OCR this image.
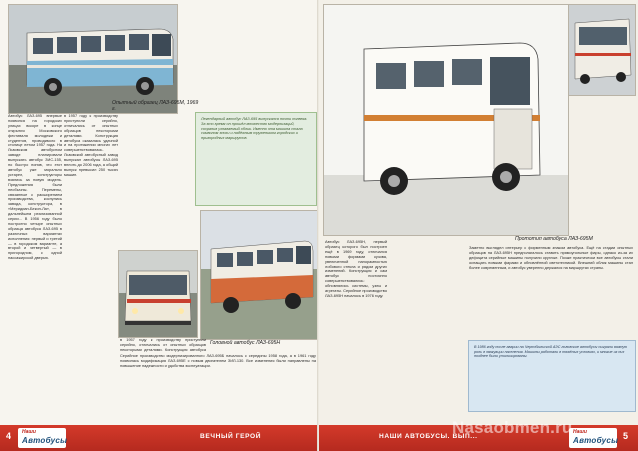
Автобус ЛАЗ-695 впервые появился на городских улицах вскоре в конце открытия Московского фестиваля молодежи и студентов, проводимого в столице летом 1957 года. На Львовском автобусном заводе планировали выпускать автобус ЗИС-155, но быстро поняв, что этот автобус уже морально устарел, конструкторы взялись за новую модель. Предложения были необычны. Перемены, связанные с расширением производства, коснулись завода, конструктора, в «Меридиан-Бекон-Ла», в дальнейшем реализованной серии... В 1956 году было построено четыре опытных образца автобуса ЛАЗ-695 в различных вариантах исполнения: первый и третий — в городском варианте, а второй и четвертый — в пригородном, с одной пассажирской дверью.
в 1957 году к производству приступили серийно, отличались от опытных образцов некоторыми деталями. Конструкция автобуса оказалась удачной и на протяжении многих лет совершенствовалась. Львовский автобусный завод выпускал автобусы ЛАЗ-695 вплоть до 2006 года, а общий выпуск превысил 250 тысяч машин.
Опытный образец ЛАЗ-695М, 1969 г.
Легендарный автобус ЛАЗ-695 выпускался почти полвека. За это время он прошёл множество модернизаций, сохранив узнаваемый облик. Именно эта машина стала символом эпохи и надёжным тружеником городских и пригородных маршрутов.
Головной автобус ЛАЗ-695Н
Серийное производство модернизированного ЛАЗ-695Б началось с середины 1958 года, а в 1961 году появилась модификация ЛАЗ-695Е с новым двигателем ЗИЛ-130. Все изменения были направлены на повышение надежности и удобства эксплуатации.
в 1957 году к производству приступили серийно, отличались от опытных образцов некоторыми деталями. Конструкция автобуса
4 Наши
Автобусы	ВЕЧНЫЙ ГЕРОЙ
Автобус ЛАЗ-695Н, первый образец которого был построен ещё в 1969 году, отличался новыми формами кузова, увеличенной панорамностью лобового стекла и рядом других изменений. Конструкция и сам автобус постоянно совершенствовались: обновлялись системы, узлы и агрегаты. Серийное производство ЛАЗ-695Н началось в 1976 году.
Прототип автобуса ЛАЗ-695М
Заметно выглядел интерьер с фирменным знаком автобуса. Ещё на стадии опытных образцов на ЛАЗ-695Н предполагалось ставить прямоугольные фары, однако из-за их дефицита серийные машины получили круглые. Позже практически все автобусы стали оснащать новыми фарами и обновлённой светотехникой. Внешний облик машины стал более современным, и автобус уверенно держался на маршрутах страны.
НАШИ АВТОБУСЫ. ВЫП...
Наши
Автобусы 5
В 1986 году после аварии на Чернобыльской АЭС львовские автобусы сыграли важную роль в эвакуации населения. Машины работали в тяжёлых условиях, и многие из них позднее были утилизированы.
Nasaobmen.ru
